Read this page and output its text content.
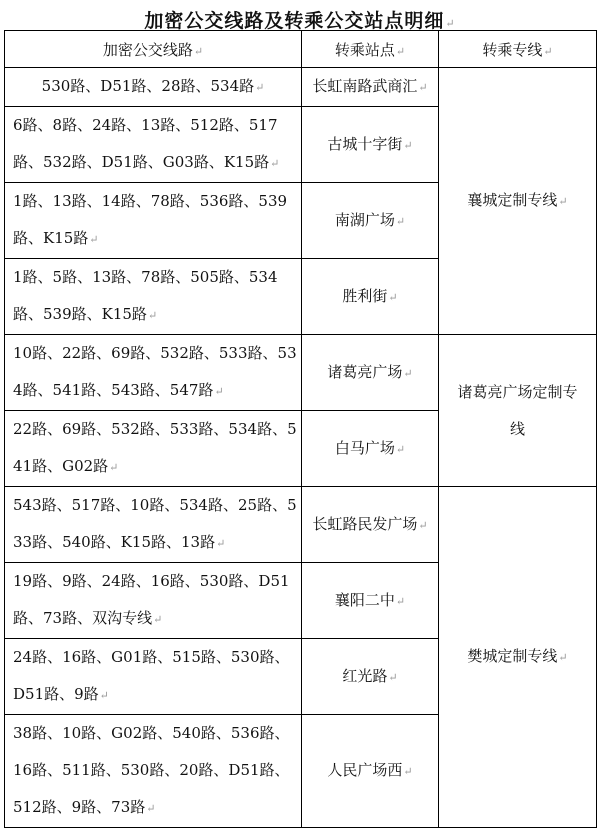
加密公交线路及转乘公交站点明细↵
加密公交线路↵	转乘站点↵	转乘专线↵
530路、D51路、28路、534路↵	长虹南路武商汇↵	襄城定制专线↵
6路、8路、24路、13路、512路、517路、532路、D51路、G03路、K15路↵	古城十字街↵	
1路、13路、14路、78路、536路、539路、K15路↵	南湖广场↵	
1路、5路、13路、78路、505路、534路、539路、K15路↵	胜利街↵	
10路、22路、69路、532路、533路、534路、541路、543路、547路↵	诸葛亮广场↵	诸葛亮广场定制专线
22路、69路、532路、533路、534路、541路、G02路↵	白马广场↵	
543路、517路、10路、534路、25路、533路、540路、K15路、13路↵	长虹路民发广场↵	樊城定制专线↵
19路、9路、24路、16路、530路、D51路、73路、双沟专线↵	襄阳二中↵	
24路、16路、G01路、515路、530路、D51路、9路↵	红光路↵	
38路、10路、G02路、540路、536路、16路、511路、530路、20路、D51路、512路、9路、73路↵	人民广场西↵	
